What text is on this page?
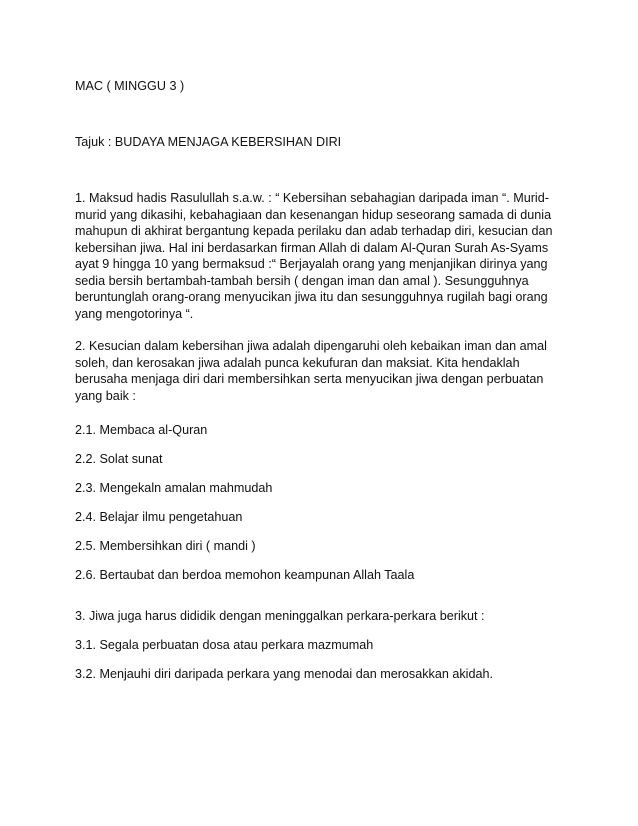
MAC ( MINGGU 3 )

Tajuk : BUDAYA MENJAGA KEBERSIHAN DIRI

1. Maksud hadis Rasulullah s.a.w. : “ Kebersihan sebahagian daripada iman “. Murid-murid yang dikasihi, kebahagiaan dan kesenangan hidup seseorang samada di dunia mahupun di akhirat bergantung kepada perilaku dan adab terhadap diri, kesucian dan kebersihan jiwa. Hal ini berdasarkan firman Allah di dalam Al-Quran Surah As-Syams ayat 9 hingga 10 yang bermaksud :“ Berjayalah orang yang menjanjikan dirinya yang sedia bersih bertambah-tambah bersih ( dengan iman dan amal ). Sesungguhnya beruntunglah orang-orang menyucikan jiwa itu dan sesungguhnya rugilah bagi orang yang mengotorinya “.

2. Kesucian dalam kebersihan jiwa adalah dipengaruhi oleh kebaikan iman dan amal soleh, dan kerosakan jiwa adalah punca kekufuran dan maksiat. Kita hendaklah berusaha menjaga diri dari membersihkan serta menyucikan jiwa dengan perbuatan yang baik :

2.1. Membaca al-Quran

2.2. Solat sunat

2.3. Mengekaln amalan mahmudah

2.4. Belajar ilmu pengetahuan

2.5. Membersihkan diri ( mandi )

2.6. Bertaubat dan berdoa memohon keampunan Allah Taala

3. Jiwa juga harus dididik dengan meninggalkan perkara-perkara berikut :

3.1. Segala perbuatan dosa atau perkara mazmumah

3.2. Menjauhi diri daripada perkara yang menodai dan merosakkan akidah.
